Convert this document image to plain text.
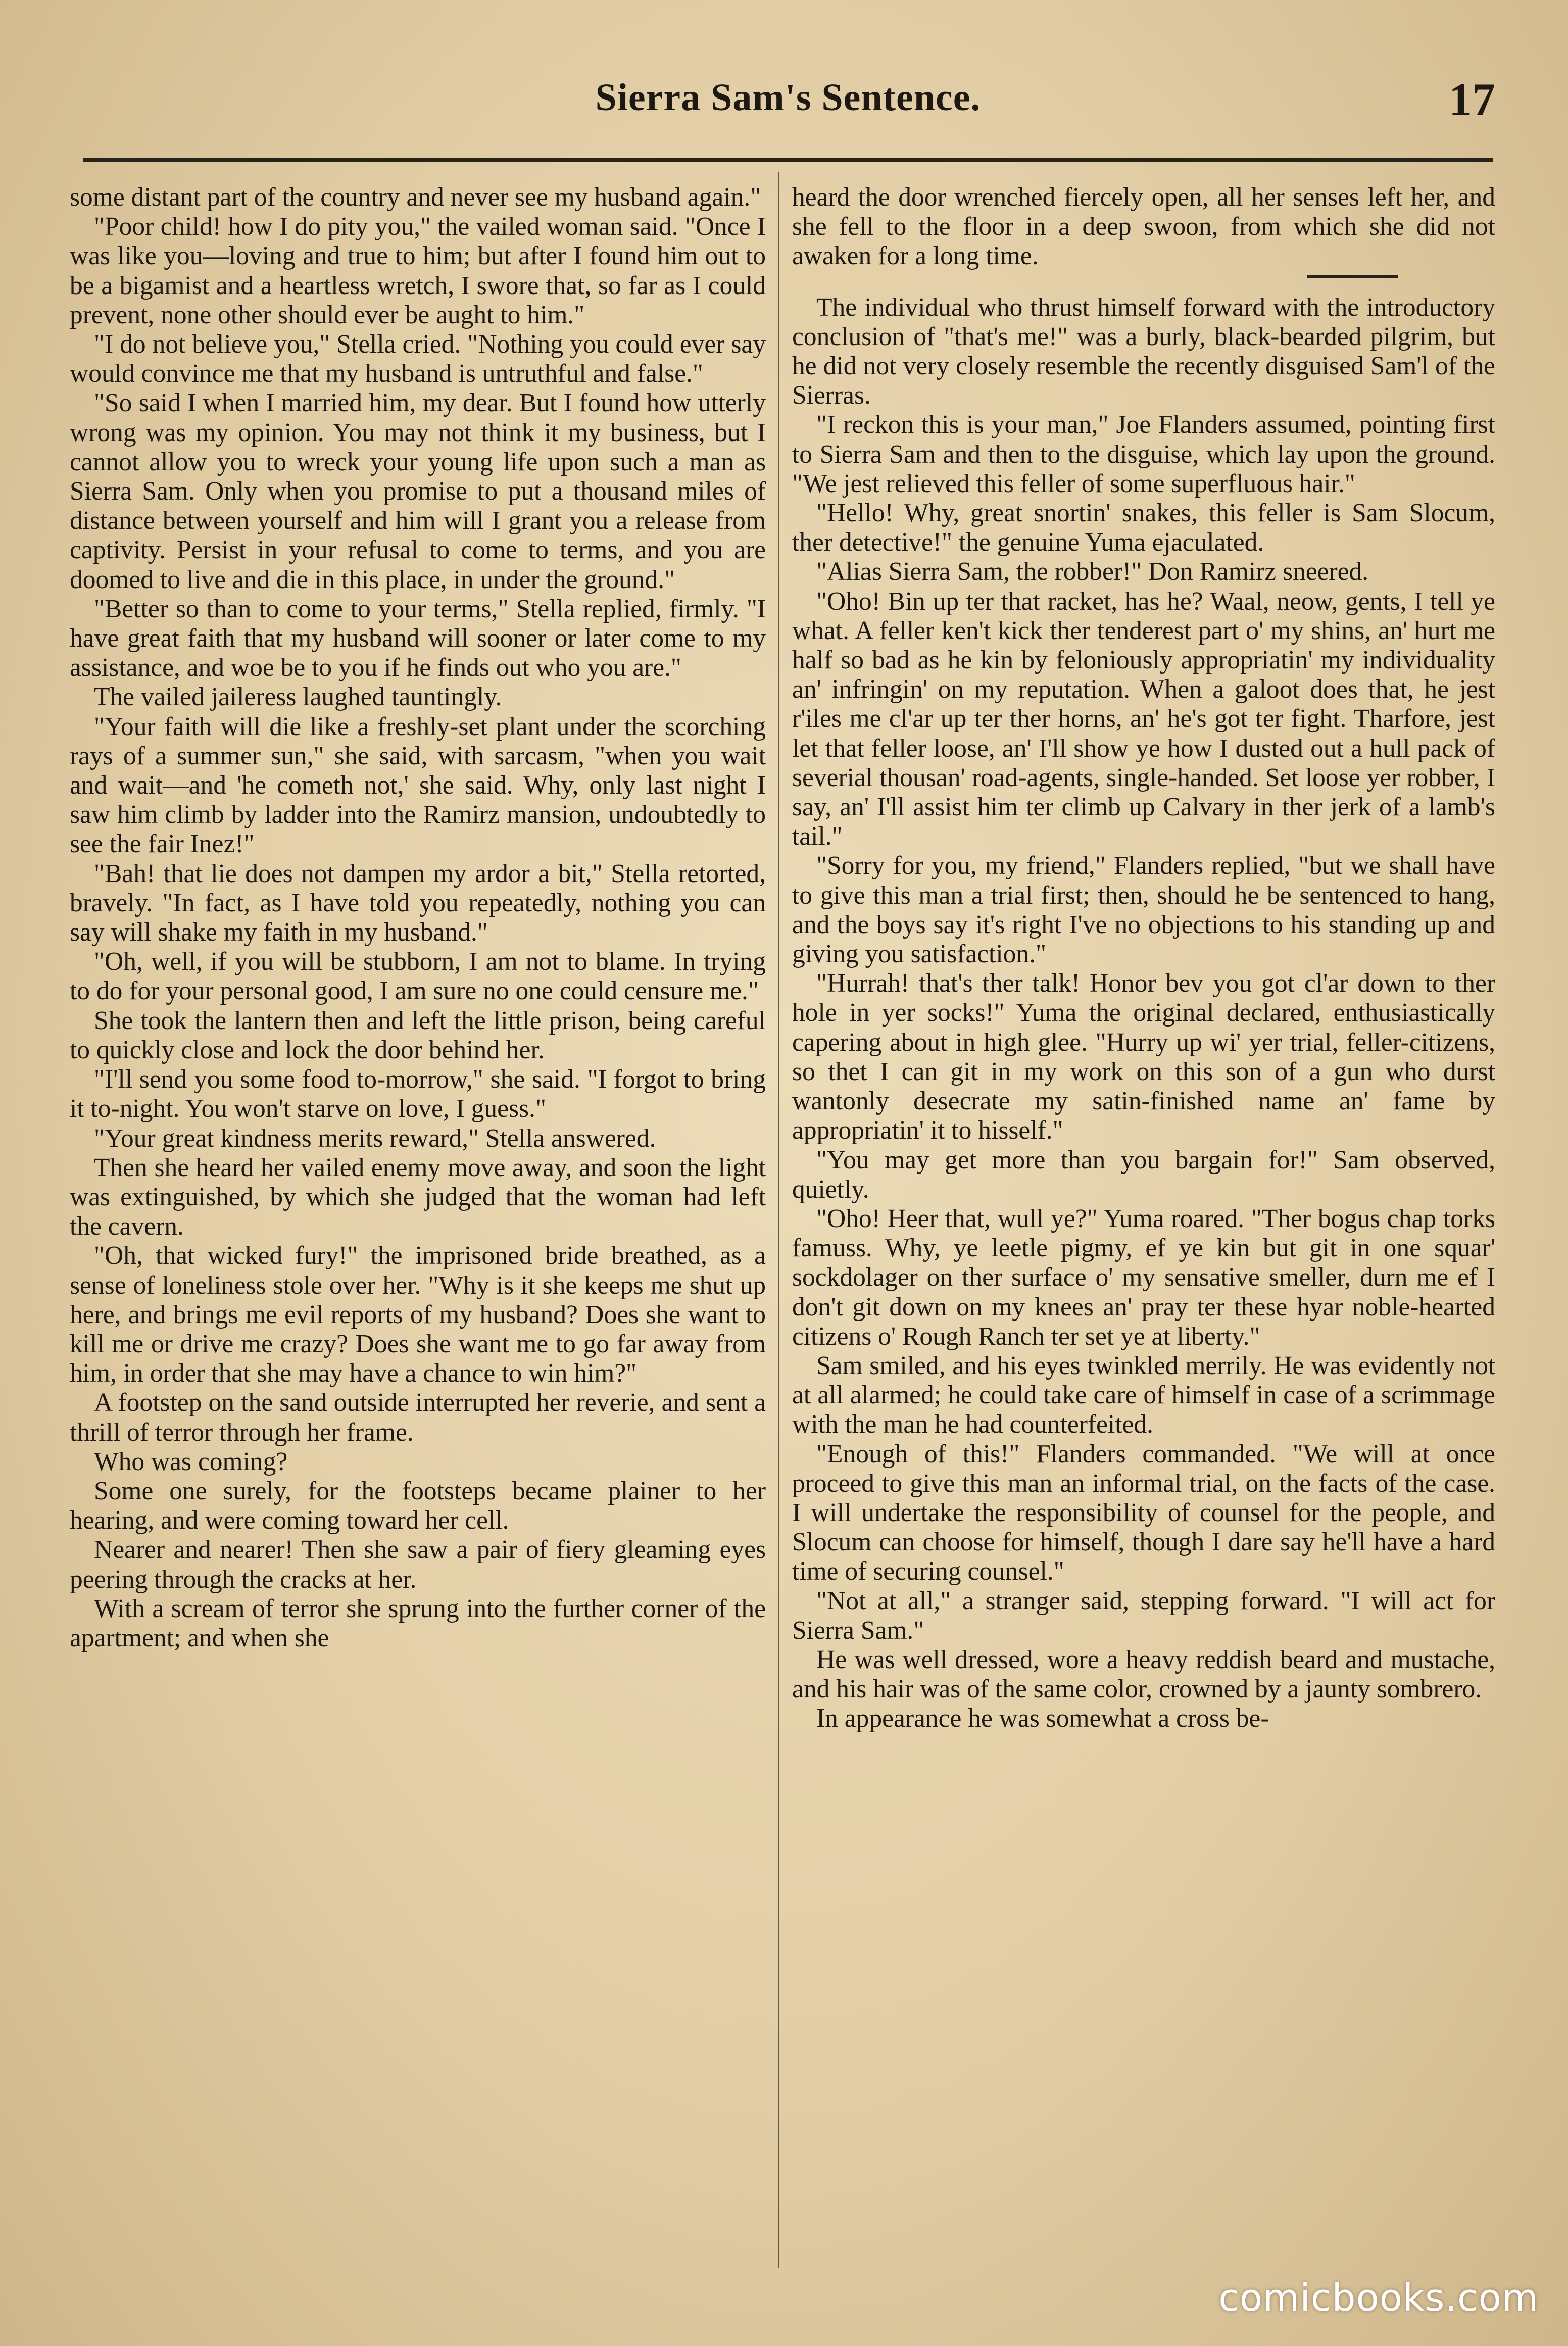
Sierra Sam's Sentence.	17

some distant part of the country and never see my husband again."

"Poor child! how I do pity you," the vailed woman said. "Once I was like you—loving and true to him; but after I found him out to be a bigamist and a heartless wretch, I swore that, so far as I could prevent, none other should ever be aught to him."

"I do not believe you," Stella cried. "Nothing you could ever say would convince me that my husband is untruthful and false."

"So said I when I married him, my dear. But I found how utterly wrong was my opinion. You may not think it my business, but I cannot allow you to wreck your young life upon such a man as Sierra Sam. Only when you promise to put a thousand miles of distance between yourself and him will I grant you a release from captivity. Persist in your refusal to come to terms, and you are doomed to live and die in this place, in under the ground."

"Better so than to come to your terms," Stella replied, firmly. "I have great faith that my husband will sooner or later come to my assistance, and woe be to you if he finds out who you are."

The vailed jaileress laughed tauntingly.

"Your faith will die like a freshly-set plant under the scorching rays of a summer sun," she said, with sarcasm, "when you wait and wait—and 'he cometh not,' she said. Why, only last night I saw him climb by ladder into the Ramirz mansion, undoubtedly to see the fair Inez!"

"Bah! that lie does not dampen my ardor a bit," Stella retorted, bravely. "In fact, as I have told you repeatedly, nothing you can say will shake my faith in my husband."

"Oh, well, if you will be stubborn, I am not to blame. In trying to do for your personal good, I am sure no one could censure me."

She took the lantern then and left the little prison, being careful to quickly close and lock the door behind her.

"I'll send you some food to-morrow," she said. "I forgot to bring it to-night. You won't starve on love, I guess."

"Your great kindness merits reward," Stella answered.

Then she heard her vailed enemy move away, and soon the light was extinguished, by which she judged that the woman had left the cavern.

"Oh, that wicked fury!" the imprisoned bride breathed, as a sense of loneliness stole over her. "Why is it she keeps me shut up here, and brings me evil reports of my husband? Does she want to kill me or drive me crazy? Does she want me to go far away from him, in order that she may have a chance to win him?"

A footstep on the sand outside interrupted her reverie, and sent a thrill of terror through her frame.

Who was coming?

Some one surely, for the footsteps became plainer to her hearing, and were coming toward her cell.

Nearer and nearer! Then she saw a pair of fiery gleaming eyes peering through the cracks at her.

With a scream of terror she sprung into the further corner of the apartment; and when she

heard the door wrenched fiercely open, all her senses left her, and she fell to the floor in a deep swoon, from which she did not awaken for a long time.

The individual who thrust himself forward with the introductory conclusion of "that's me!" was a burly, black-bearded pilgrim, but he did not very closely resemble the recently disguised Sam'l of the Sierras.

"I reckon this is your man," Joe Flanders assumed, pointing first to Sierra Sam and then to the disguise, which lay upon the ground. "We jest relieved this feller of some superfluous hair."

"Hello! Why, great snortin' snakes, this feller is Sam Slocum, ther detective!" the genuine Yuma ejaculated.

"Alias Sierra Sam, the robber!" Don Ramirz sneered.

"Oho! Bin up ter that racket, has he? Waal, neow, gents, I tell ye what. A feller ken't kick ther tenderest part o' my shins, an' hurt me half so bad as he kin by feloniously appropriatin' my individuality an' infringin' on my reputation. When a galoot does that, he jest r'iles me cl'ar up ter ther horns, an' he's got ter fight. Tharfore, jest let that feller loose, an' I'll show ye how I dusted out a hull pack of severial thousan' road-agents, single-handed. Set loose yer robber, I say, an' I'll assist him ter climb up Calvary in ther jerk of a lamb's tail."

"Sorry for you, my friend," Flanders replied, "but we shall have to give this man a trial first; then, should he be sentenced to hang, and the boys say it's right I've no objections to his standing up and giving you satisfaction."

"Hurrah! that's ther talk! Honor bev you got cl'ar down to ther hole in yer socks!" Yuma the original declared, enthusiastically capering about in high glee. "Hurry up wi' yer trial, feller-citizens, so thet I can git in my work on this son of a gun who durst wantonly desecrate my satin-finished name an' fame by appropriatin' it to hisself."

"You may get more than you bargain for!" Sam observed, quietly.

"Oho! Heer that, wull ye?" Yuma roared. "Ther bogus chap torks famuss. Why, ye leetle pigmy, ef ye kin but git in one squar' sockdolager on ther surface o' my sensative smeller, durn me ef I don't git down on my knees an' pray ter these hyar noble-hearted citizens o' Rough Ranch ter set ye at liberty."

Sam smiled, and his eyes twinkled merrily. He was evidently not at all alarmed; he could take care of himself in case of a scrimmage with the man he had counterfeited.

"Enough of this!" Flanders commanded. "We will at once proceed to give this man an informal trial, on the facts of the case. I will undertake the responsibility of counsel for the people, and Slocum can choose for himself, though I dare say he'll have a hard time of securing counsel."

"Not at all," a stranger said, stepping forward. "I will act for Sierra Sam."

He was well dressed, wore a heavy reddish beard and mustache, and his hair was of the same color, crowned by a jaunty sombrero.

In appearance he was somewhat a cross be-

comicbooks.com
